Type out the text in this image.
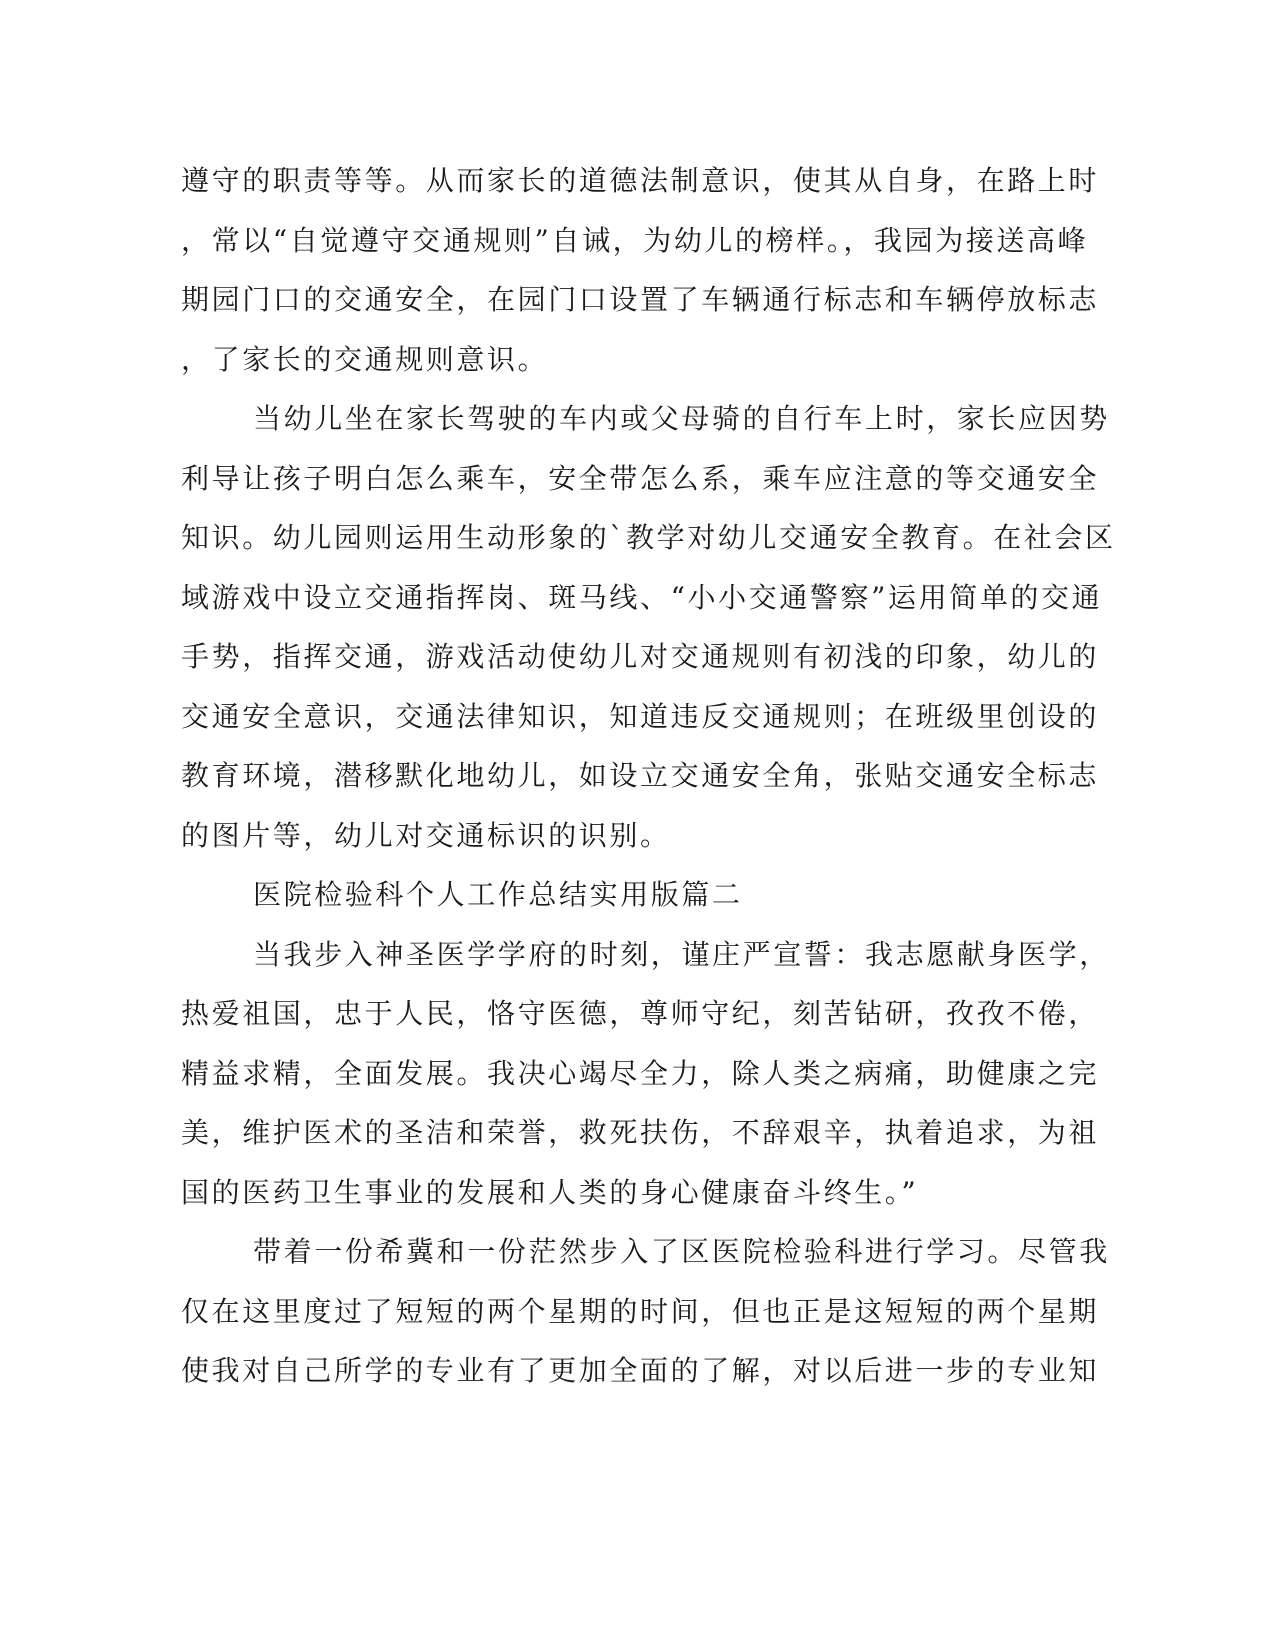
遵守的职责等等。从而家长的道德法制意识，使其从自身，在路上时
，常以“自觉遵守交通规则”自诫，为幼儿的榜样。，我园为接送高峰
期园门口的交通安全，在园门口设置了车辆通行标志和车辆停放标志
，了家长的交通规则意识。
当幼儿坐在家长驾驶的车内或父母骑的自行车上时，家长应因势
利导让孩子明白怎么乘车，安全带怎么系，乘车应注意的等交通安全
知识。幼儿园则运用生动形象的`教学对幼儿交通安全教育。在社会区
域游戏中设立交通指挥岗、斑马线、“小小交通警察”运用简单的交通
手势，指挥交通，游戏活动使幼儿对交通规则有初浅的印象，幼儿的
交通安全意识，交通法律知识，知道违反交通规则；在班级里创设的
教育环境，潜移默化地幼儿，如设立交通安全角，张贴交通安全标志
的图片等，幼儿对交通标识的识别。
医院检验科个人工作总结实用版篇二
当我步入神圣医学学府的时刻，谨庄严宣誓：我志愿献身医学，
热爱祖国，忠于人民，恪守医德，尊师守纪，刻苦钻研，孜孜不倦，
精益求精，全面发展。我决心竭尽全力，除人类之病痛，助健康之完
美，维护医术的圣洁和荣誉，救死扶伤，不辞艰辛，执着追求，为祖
国的医药卫生事业的发展和人类的身心健康奋斗终生。”
带着一份希冀和一份茫然步入了区医院检验科进行学习。尽管我
仅在这里度过了短短的两个星期的时间，但也正是这短短的两个星期
使我对自己所学的专业有了更加全面的了解，对以后进一步的专业知
